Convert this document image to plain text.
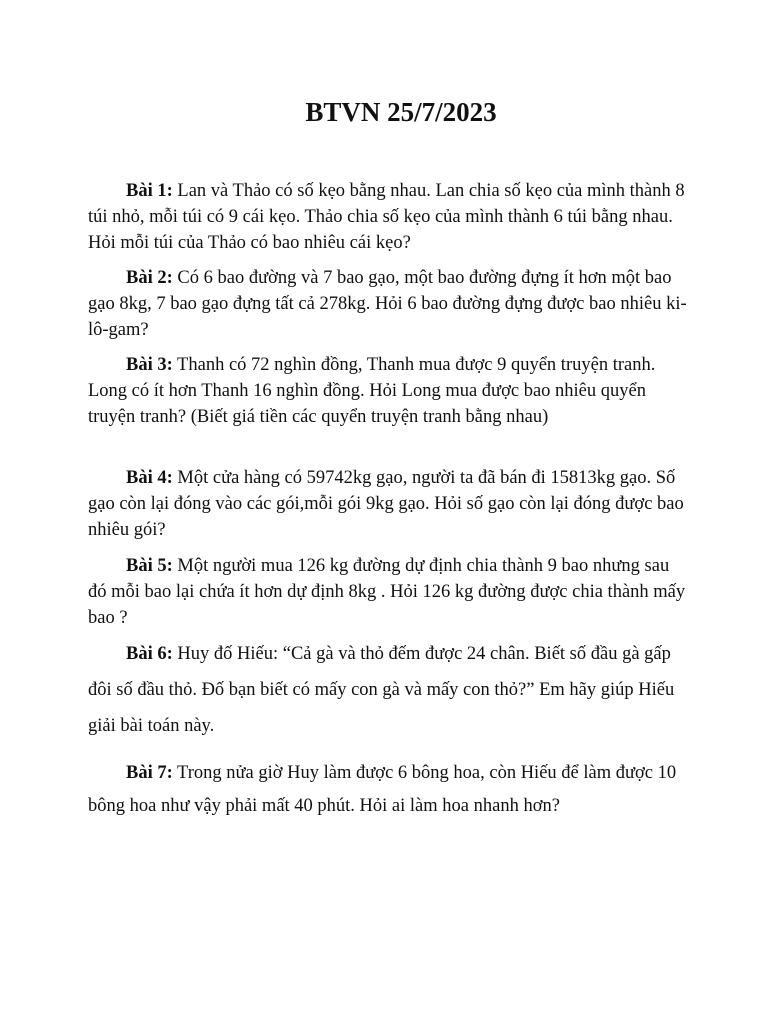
BTVN 25/7/2023

Bài 1: Lan và Thảo có số kẹo bằng nhau. Lan chia số kẹo của mình thành 8 túi nhỏ, mỗi túi có 9 cái kẹo. Thảo chia số kẹo của mình thành 6 túi bằng nhau. Hỏi mỗi túi của Thảo có bao nhiêu cái kẹo?

Bài 2: Có 6 bao đường và 7 bao gạo, một bao đường đựng ít hơn một bao gạo 8kg, 7 bao gạo đựng tất cả 278kg. Hỏi 6 bao đường đựng được bao nhiêu ki-lô-gam?

Bài 3: Thanh có 72 nghìn đồng, Thanh mua được 9 quyển truyện tranh. Long có ít hơn Thanh 16 nghìn đồng. Hỏi Long mua được bao nhiêu quyển truyện tranh? (Biết giá tiền các quyển truyện tranh bằng nhau)

Bài 4: Một cửa hàng có 59742kg gạo, người ta đã bán đi 15813kg gạo. Số gạo còn lại đóng vào các gói,mỗi gói 9kg gạo. Hỏi số gạo còn lại đóng được bao nhiêu gói?

Bài 5: Một người mua 126 kg đường dự định chia thành 9 bao nhưng sau đó mỗi bao lại chứa ít hơn dự định 8kg . Hỏi 126 kg đường được chia thành mấy bao ?

Bài 6: Huy đố Hiếu: “Cả gà và thỏ đếm được 24 chân. Biết số đầu gà gấp đôi số đầu thỏ. Đố bạn biết có mấy con gà và mấy con thỏ?” Em hãy giúp Hiếu giải bài toán này.

Bài 7: Trong nửa giờ Huy làm được 6 bông hoa, còn Hiếu để làm được 10 bông hoa như vậy phải mất 40 phút. Hỏi ai làm hoa nhanh hơn?
